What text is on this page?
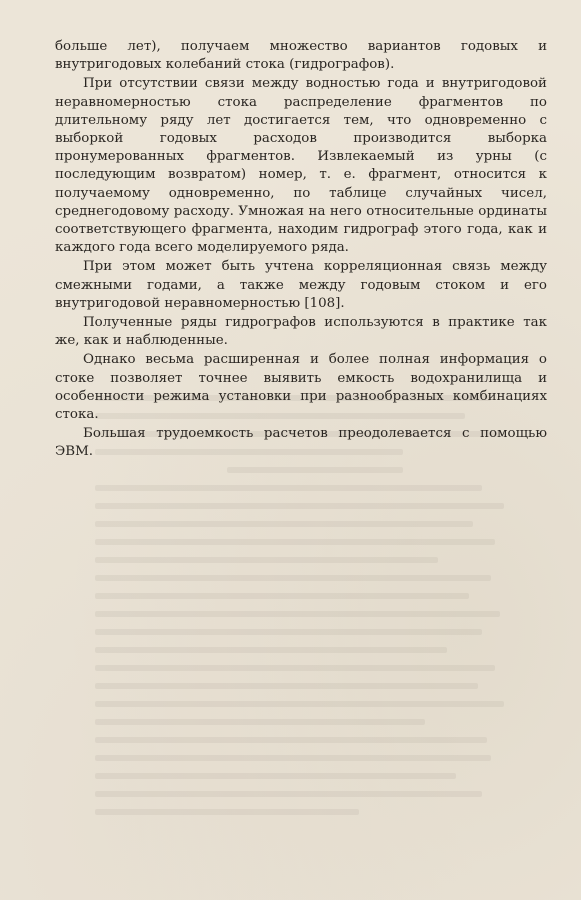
больше лет), получаем множество вариантов годовых и внутригодовых колебаний стока (гидрографов).

При отсутствии связи между водностью года и внутригодовой неравномерностью стока распределение фрагментов по длительному ряду лет достигается тем, что одновременно с выборкой годовых расходов производится выборка пронумерованных фрагментов. Извлекаемый из урны (с последующим возвратом) номер, т. е. фрагмент, относится к получаемому одновременно, по таблице случайных чисел, среднегодовому расходу. Умножая на него относительные ординаты соответствующего фрагмента, находим гидрограф этого года, как и каждого года всего моделируемого ряда.

При этом может быть учтена корреляционная связь между смежными годами, а также между годовым стоком и его внутригодовой неравномерностью [108].

Полученные ряды гидрографов используются в практике так же, как и наблюденные.

Однако весьма расширенная и более полная информация о стоке позволяет точнее выявить емкость водохранилища и особенности режима установки при разнообразных комбинациях стока.

Большая трудоемкость расчетов преодолевается с помощью ЭВМ.
